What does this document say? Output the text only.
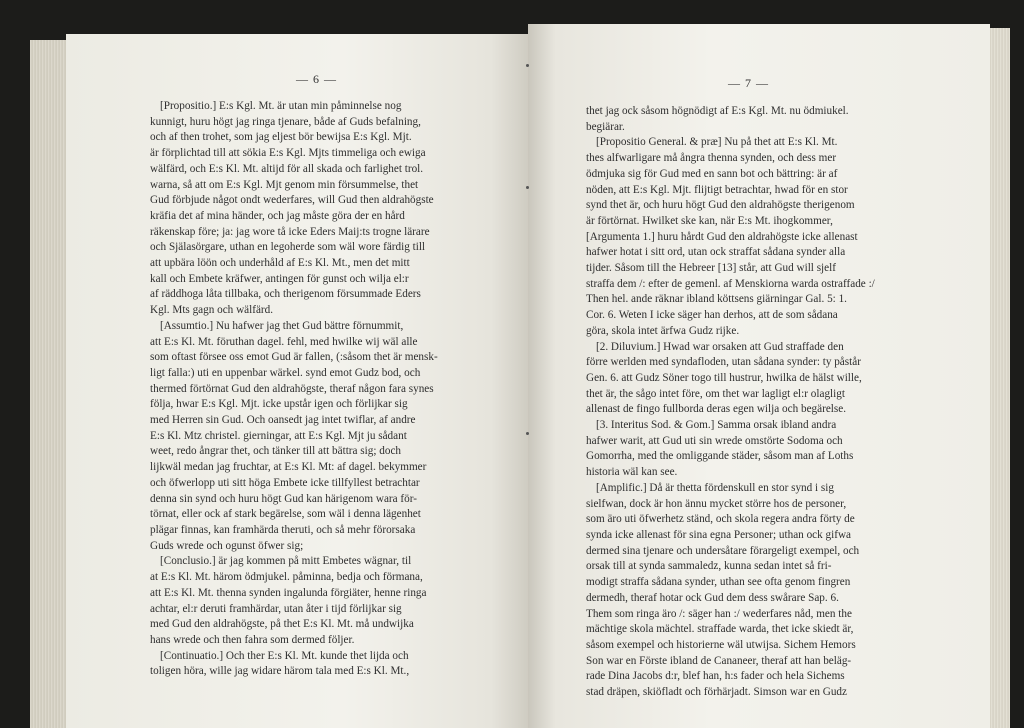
— 6 —
[Propositio.] E:s Kgl. Mt. är utan min påminnelse nog
kunnigt, huru högt jag ringa tjenare, både af Guds befalning,
och af then trohet, som jag eljest bör bewijsa E:s Kgl. Mjt.
är förplichtad till att sökia E:s Kgl. Mjts timmeliga och ewiga
wälfärd, och E:s Kl. Mt. altijd för all skada och farlighet trol.
warna, så att om E:s Kgl. Mjt genom min försummelse, thet
Gud förbjude något ondt wederfares, will Gud then aldrahögste
kräfia det af mina händer, och jag måste göra der en hård
räkenskap före; ja: jag wore tå icke Eders Maij:ts trogne lärare
och Själasörgare, uthan en legoherde som wäl wore färdig till
att upbära löön och underhåld af E:s Kl. Mt., men det mitt
kall och Embete kräfwer, antingen för gunst och wilja el:r
af räddhoga låta tillbaka, och therigenom försummade Eders
Kgl. Mts gagn och wälfärd.
[Assumtio.] Nu hafwer jag thet Gud bättre förnummit,
att E:s Kl. Mt. föruthan dagel. fehl, med hwilke wij wäl alle
som oftast försee oss emot Gud är fallen, (:såsom thet är mensk-
ligt falla:) uti en uppenbar wärkel. synd emot Gudz bod, och
thermed förtörnat Gud den aldrahögste, theraf någon fara synes
följa, hwar E:s Kgl. Mjt. icke upstår igen och förlijkar sig
med Herren sin Gud. Och oansedt jag intet twiflar, af andre
E:s Kl. Mtz christel. gierningar, att E:s Kgl. Mjt ju sådant
weet, redo ångrar thet, och tänker till att bättra sig; doch
lijkwäl medan jag fruchtar, at E:s Kl. Mt: af dagel. bekymmer
och öfwerlopp uti sitt höga Embete icke tillfyllest betrachtar
denna sin synd och huru högt Gud kan härigenom wara för-
törnat, eller ock af stark begärelse, som wäl i denna lägenhet
plägar finnas, kan framhärda theruti, och så mehr förorsaka
Guds wrede och ogunst öfwer sig;
[Conclusio.] är jag kommen på mitt Embetes wägnar, til
at E:s Kl. Mt. härom ödmjukel. påminna, bedja och förmana,
att E:s Kl. Mt. thenna synden ingalunda förgiäter, henne ringa
achtar, el:r deruti framhärdar, utan åter i tijd förlijkar sig
med Gud den aldrahögste, på thet E:s Kl. Mt. må undwijka
hans wrede och then fahra som dermed följer.
[Continuatio.] Och ther E:s Kl. Mt. kunde thet lijda och
toligen höra, wille jag widare härom tala med E:s Kl. Mt.,
— 7 —
thet jag ock såsom högnödigt af E:s Kgl. Mt. nu ödmiukel.
begiärar.
[Propositio General. & præ] Nu på thet att E:s Kl. Mt.
thes alfwarligare må ångra thenna synden, och dess mer
ödmjuka sig för Gud med en sann bot och bättring: är af
nöden, att E:s Kgl. Mjt. flijtigt betrachtar, hwad för en stor
synd thet är, och huru högt Gud den aldrahögste therigenom
är förtörnat. Hwilket ske kan, när E:s Mt. ihogkommer,
[Argumenta 1.] huru hårdt Gud den aldrahögste icke allenast
hafwer hotat i sitt ord, utan ock straffat sådana synder alla
tijder. Såsom till the Hebreer [13] står, att Gud will sjelf
straffa dem /: efter de gemenl. af Menskiorna warda ostraffade :/
Then hel. ande räknar ibland köttsens giärningar Gal. 5: 1.
Cor. 6. Weten I icke säger han derhos, att de som sådana
göra, skola intet ärfwa Gudz rijke.
[2. Diluvium.] Hwad war orsaken att Gud straffade den
förre werlden med syndafloden, utan sådana synder: ty påstår
Gen. 6. att Gudz Söner togo till hustrur, hwilka de hälst wille,
thet är, the sågo intet före, om thet war lagligt el:r olagligt
allenast de fingo fullborda deras egen wilja och begärelse.
[3. Interitus Sod. & Gom.] Samma orsak ibland andra
hafwer warit, att Gud uti sin wrede omstörte Sodoma och
Gomorrha, med the omliggande städer, såsom man af Loths
historia wäl kan see.
[Amplific.] Då är thetta fördenskull en stor synd i sig
sielfwan, dock är hon ännu mycket större hos de personer,
som äro uti öfwerhetz ständ, och skola regera andra förty de
synda icke allenast för sina egna Personer; uthan ock gifwa
dermed sina tjenare och undersåtare förargeligt exempel, och
orsak till at synda sammaledz, kunna sedan intet så fri-
modigt straffa sådana synder, uthan see ofta genom fingren
dermedh, theraf hotar ock Gud dem dess swårare Sap. 6.
Them som ringa äro /: säger han :/ wederfares nåd, men the
mächtige skola mächtel. straffade warda, thet icke skiedt är,
såsom exempel och historierne wäl utwijsa. Sichem Hemors
Son war en Förste ibland de Cananeer, theraf att han beläg-
rade Dina Jacobs d:r, blef han, h:s fader och hela Sichems
stad dräpen, skiöfladt och förhärjadt. Simson war en Gudz
